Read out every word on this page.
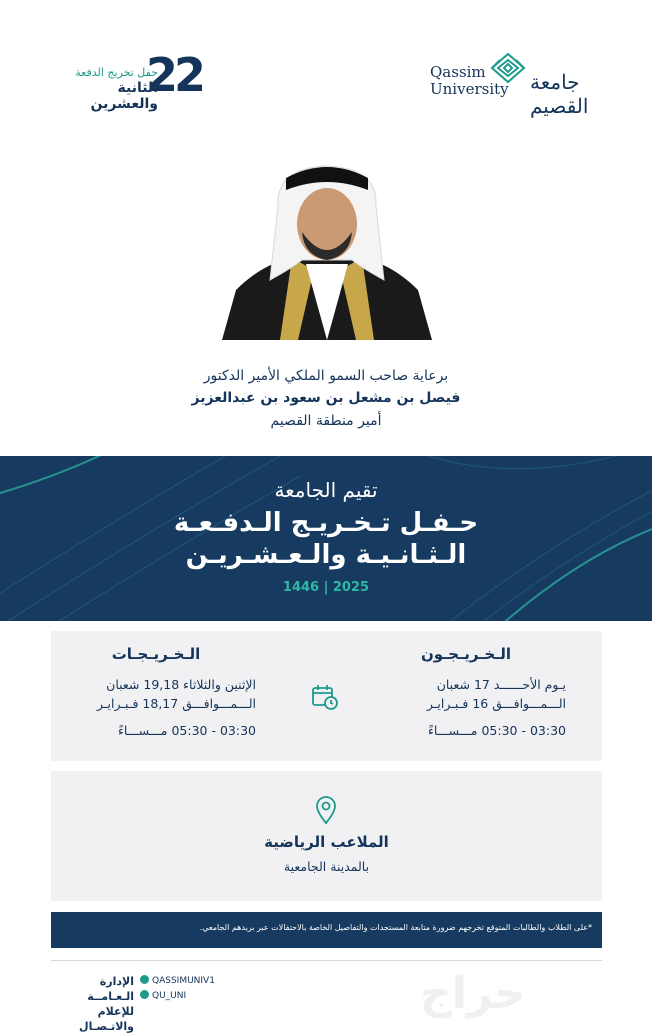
حفل تخريج الدفعة
الثانية والعشرين
22	Qassim
University جامعة القصيم
برعاية صاحب السمو الملكي الأمير الدكتور
فيصل بن مشعل بن سعود بن عبدالعزيز
أمير منطقة القصيم
تقيم الجامعة
حـفـل تـخـريـج الـدفـعـة
الـثـانـيـة والـعـشـريـن
1446 | 2025
الـخـريـجـون
يـوم الأحــــــد 17 شعبان
الـــمـــوافـــق 16 فـبـرايـر
03:30 - 05:30 مـــســـاءً
الـخـريـجـات
الإثنين والثلاثاء 19,18 شعبان
الـــمـــوافـــق 18,17 فـبـرايـر
03:30 - 05:30 مـــســـاءً
الملاعب الرياضية
بالمدينة الجامعية
*على الطلاب والطالبات المتوقع تخرجهم ضرورة متابعة المستجدات والتفاصيل الخاصة بالاحتفالات عبر بريدهم الجامعي.
الإدارة الـعـامــة
للإعلام والاتـصـال
QASSIMUNIV1
QU_UNI	حراج
